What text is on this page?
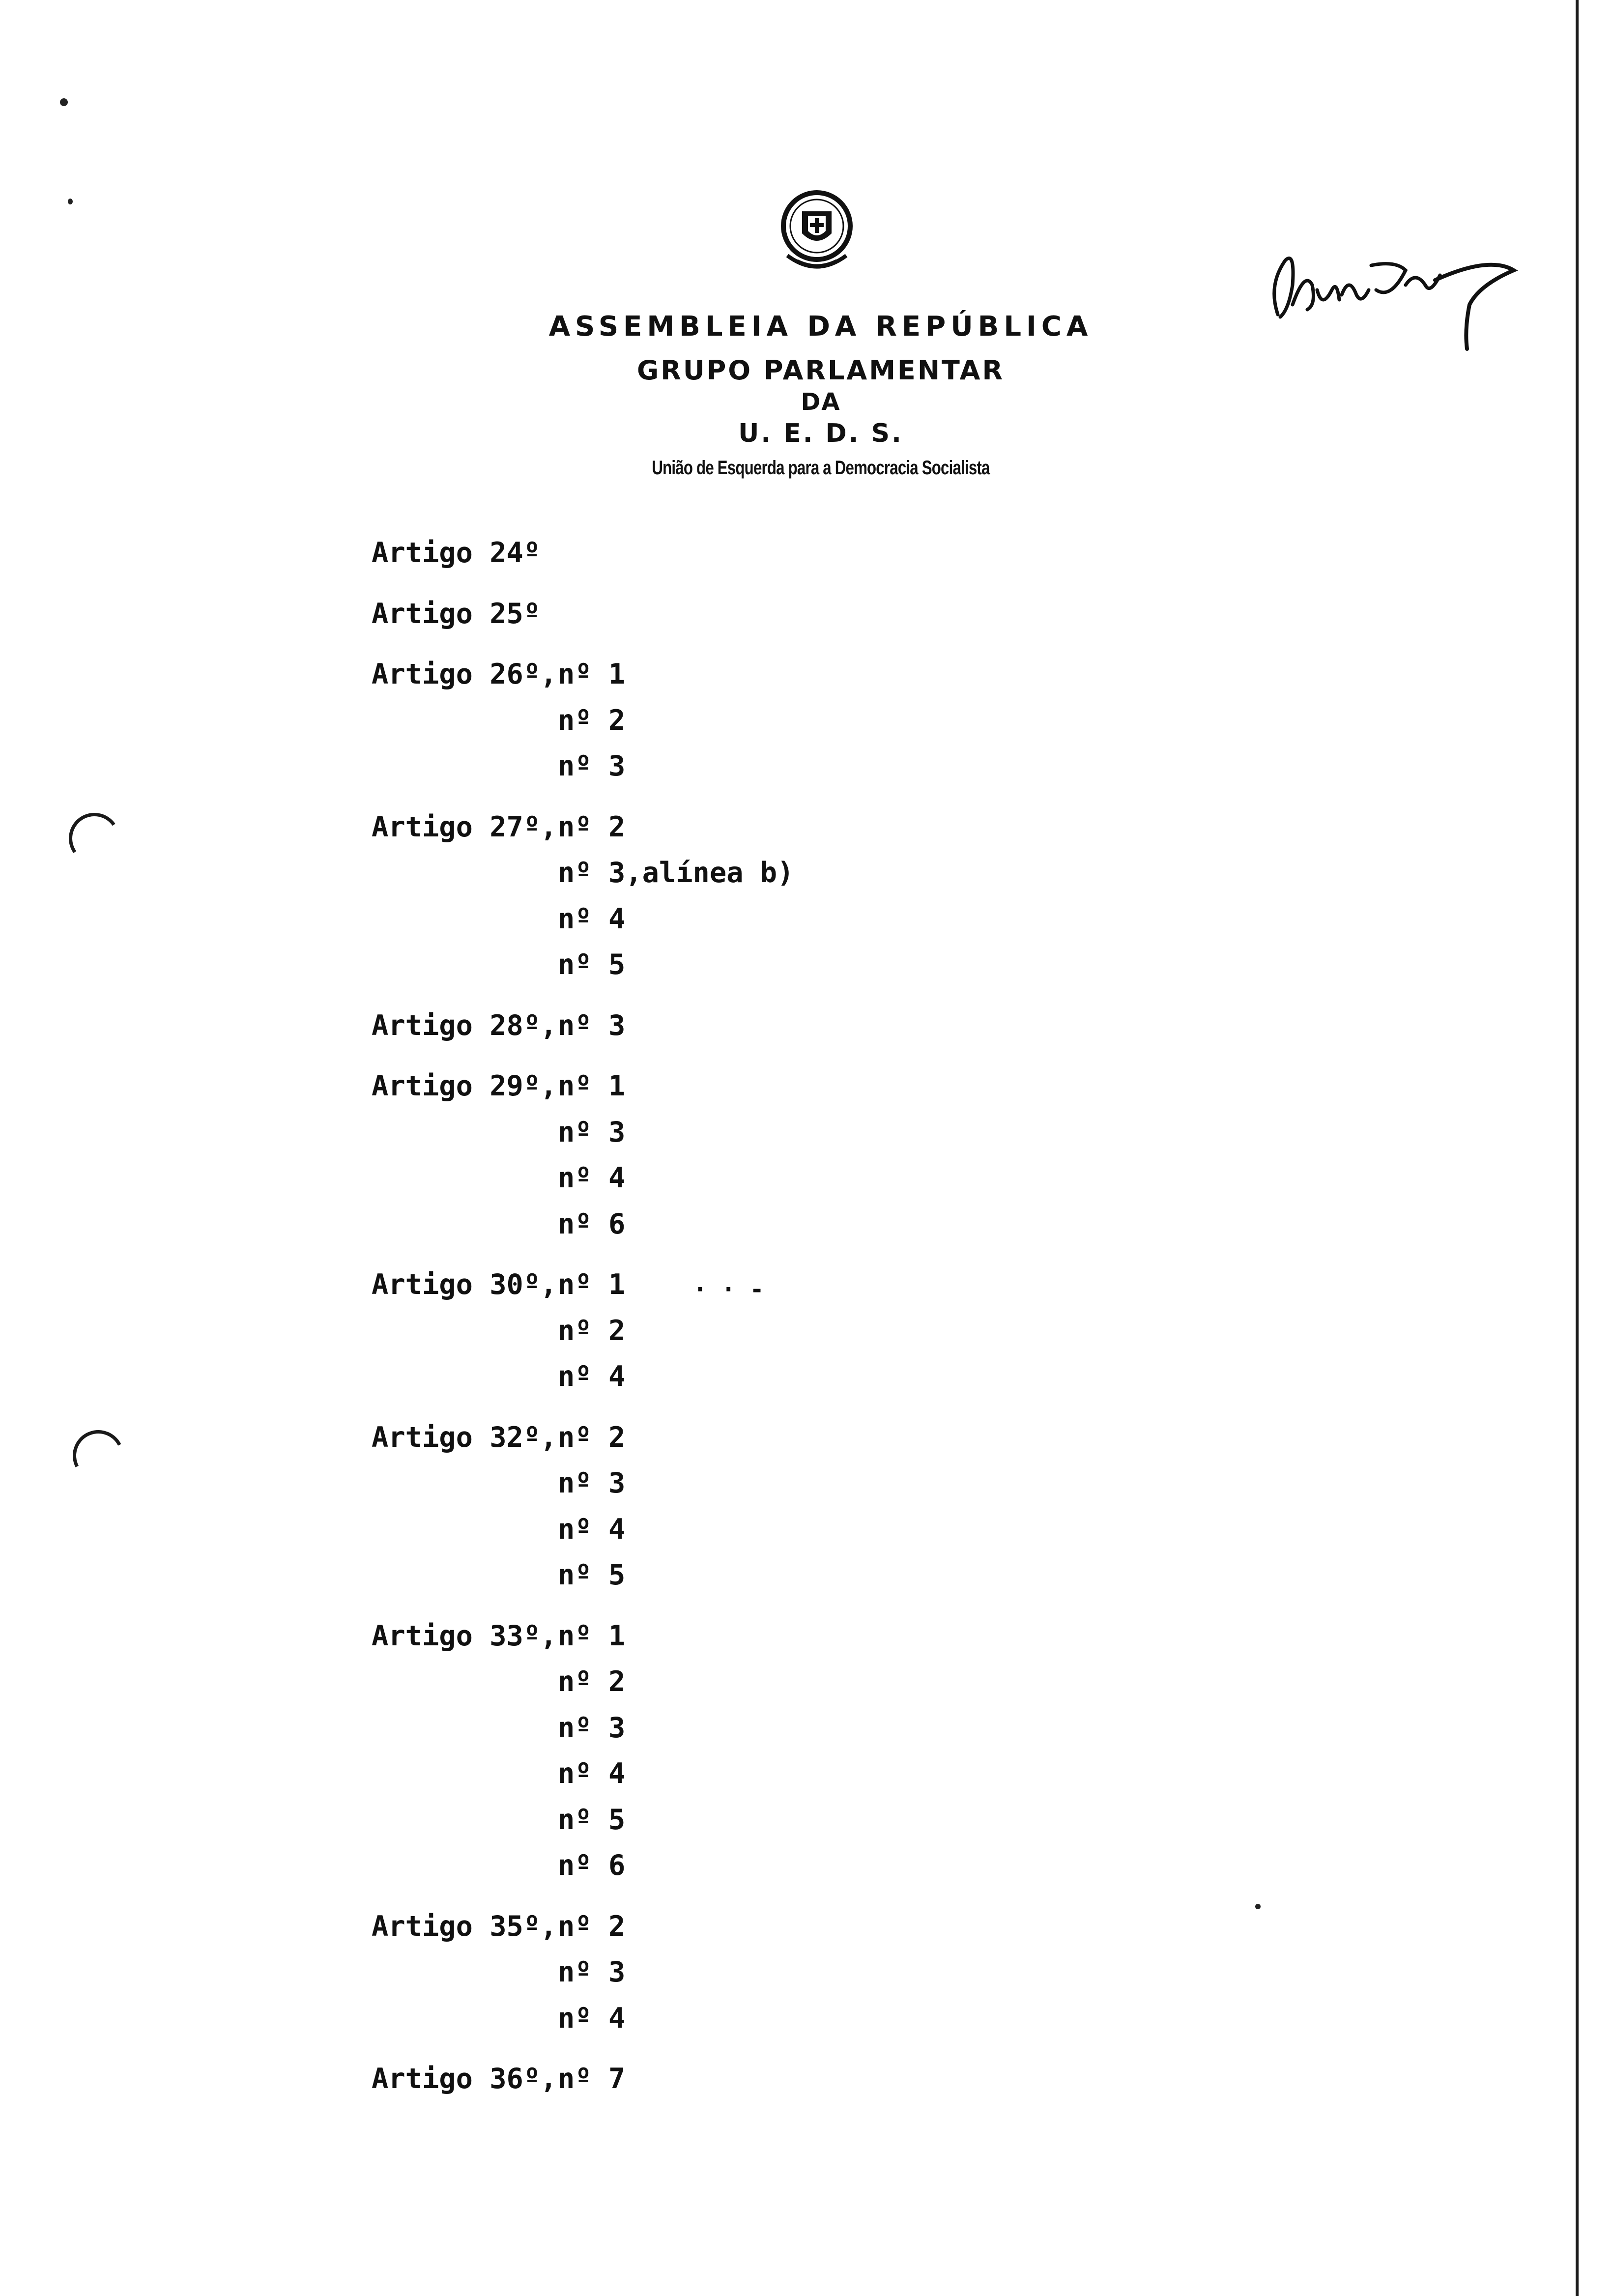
ASSEMBLEIA DA REPÚBLICA
GRUPO PARLAMENTAR
DA
U. E. D. S.
União de Esquerda para a Democracia Socialista
Artigo 24º
Artigo 25º
Artigo 26º, nº 1
nº 2
nº 3
Artigo 27º, nº 2
nº 3,alínea b)
nº 4
nº 5
Artigo 28º, nº 3
Artigo 29º, nº 1
nº 3
nº 4
nº 6
Artigo 30º, nº 1
nº 2
nº 4
Artigo 32º, nº 2
nº 3
nº 4
nº 5
Artigo 33º, nº 1
nº 2
nº 3
nº 4
nº 5
nº 6
Artigo 35º, nº 2
nº 3
nº 4
Artigo 36º, nº 7
· · -
